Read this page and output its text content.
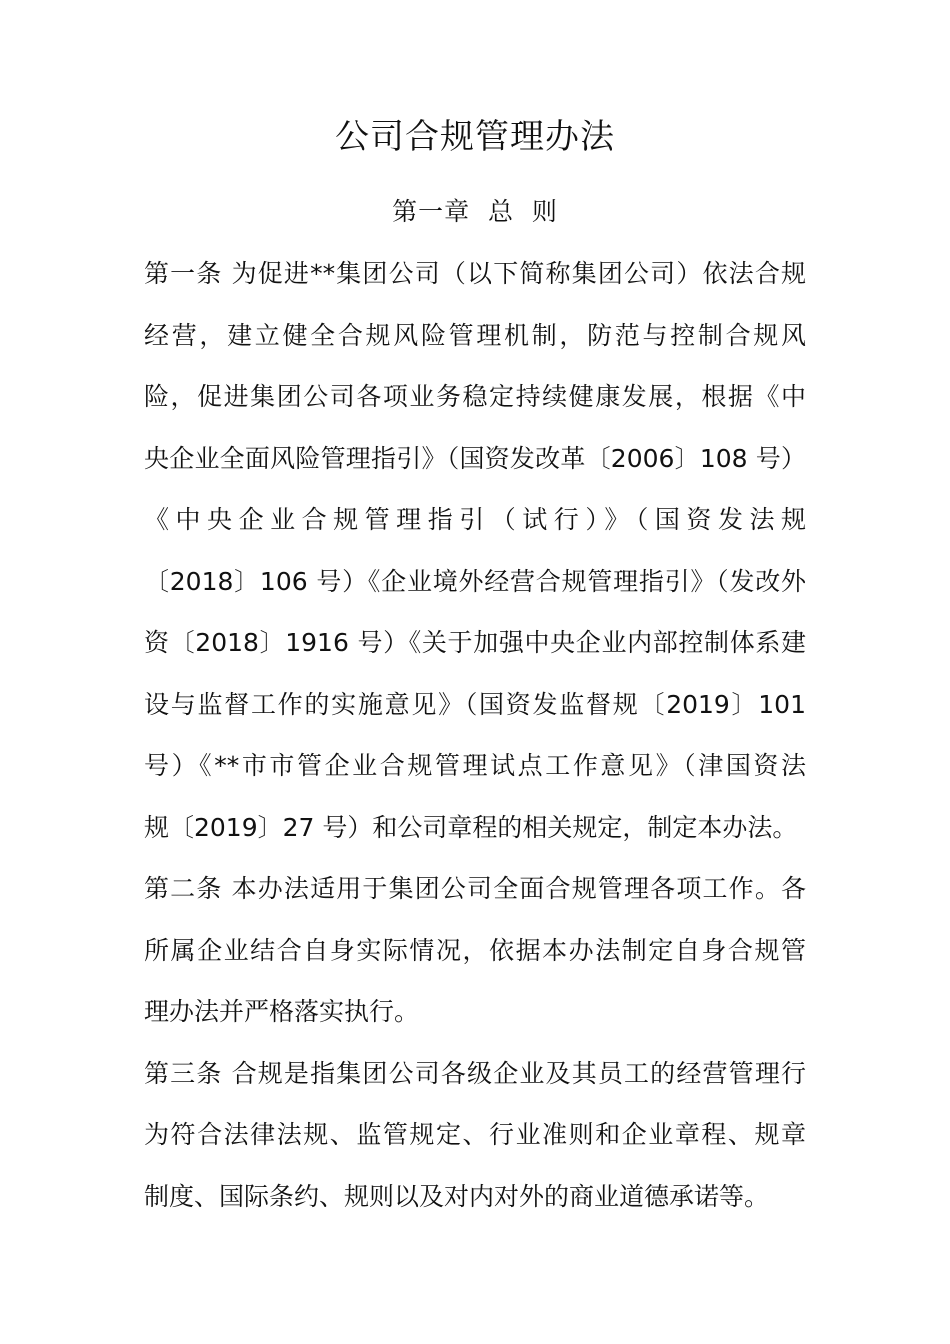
公司合规管理办法
第一章  总  则
第一条 为促进**集团公司（以下简称集团公司）依法合规
经营，建立健全合规风险管理机制，防范与控制合规风
险，促进集团公司各项业务稳定持续健康发展，根据《中
央企业全面风险管理指引》（国资发改革〔2006〕108 号）
《中央企业合规管理指引（试行）》（国资发法规
〔2018〕106 号）《企业境外经营合规管理指引》（发改外
资〔2018〕1916 号）《关于加强中央企业内部控制体系建
设与监督工作的实施意见》（国资发监督规〔2019〕101
号）《**市市管企业合规管理试点工作意见》（津国资法
规〔2019〕27 号）和公司章程的相关规定，制定本办法。
第二条 本办法适用于集团公司全面合规管理各项工作。各
所属企业结合自身实际情况，依据本办法制定自身合规管
理办法并严格落实执行。
第三条 合规是指集团公司各级企业及其员工的经营管理行
为符合法律法规、监管规定、行业准则和企业章程、规章
制度、国际条约、规则以及对内对外的商业道德承诺等。
